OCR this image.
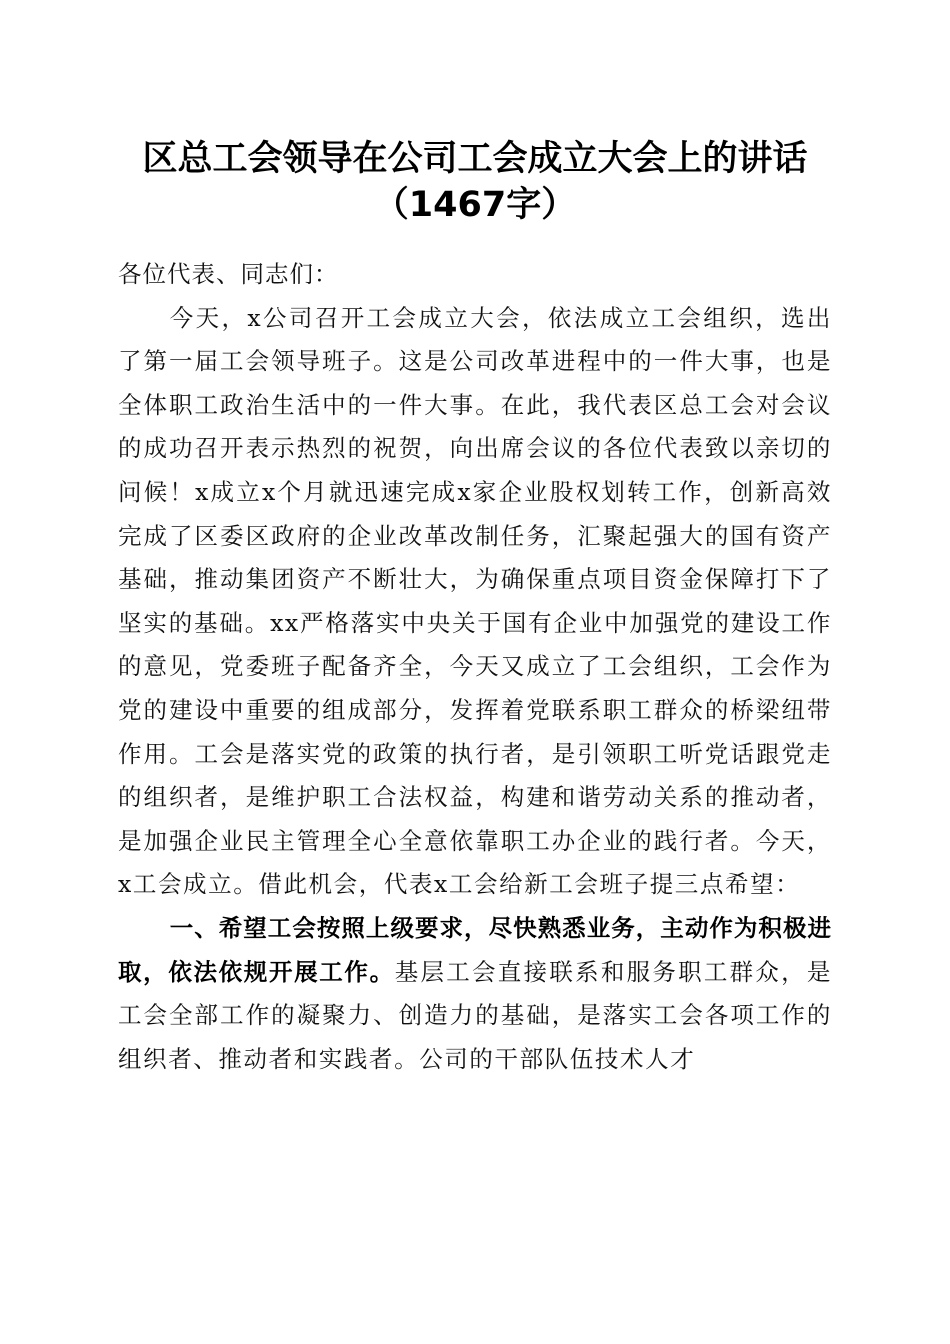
区总工会领导在公司工会成立大会上的讲话
（1467字）

各位代表、同志们：

今天，x公司召开工会成立大会，依法成立工会组织，选出了第一届工会领导班子。这是公司改革进程中的一件大事，也是全体职工政治生活中的一件大事。在此，我代表区总工会对会议的成功召开表示热烈的祝贺，向出席会议的各位代表致以亲切的问候！x成立x个月就迅速完成x家企业股权划转工作，创新高效完成了区委区政府的企业改革改制任务，汇聚起强大的国有资产基础，推动集团资产不断壮大，为确保重点项目资金保障打下了坚实的基础。xx严格落实中央关于国有企业中加强党的建设工作的意见，党委班子配备齐全，今天又成立了工会组织，工会作为党的建设中重要的组成部分，发挥着党联系职工群众的桥梁纽带作用。工会是落实党的政策的执行者，是引领职工听党话跟党走的组织者，是维护职工合法权益，构建和谐劳动关系的推动者，是加强企业民主管理全心全意依靠职工办企业的践行者。今天，x工会成立。借此机会，代表x工会给新工会班子提三点希望：

一、希望工会按照上级要求，尽快熟悉业务，主动作为积极进取，依法依规开展工作。基层工会直接联系和服务职工群众，是工会全部工作的凝聚力、创造力的基础，是落实工会各项工作的组织者、推动者和实践者。公司的干部队伍技术人才
